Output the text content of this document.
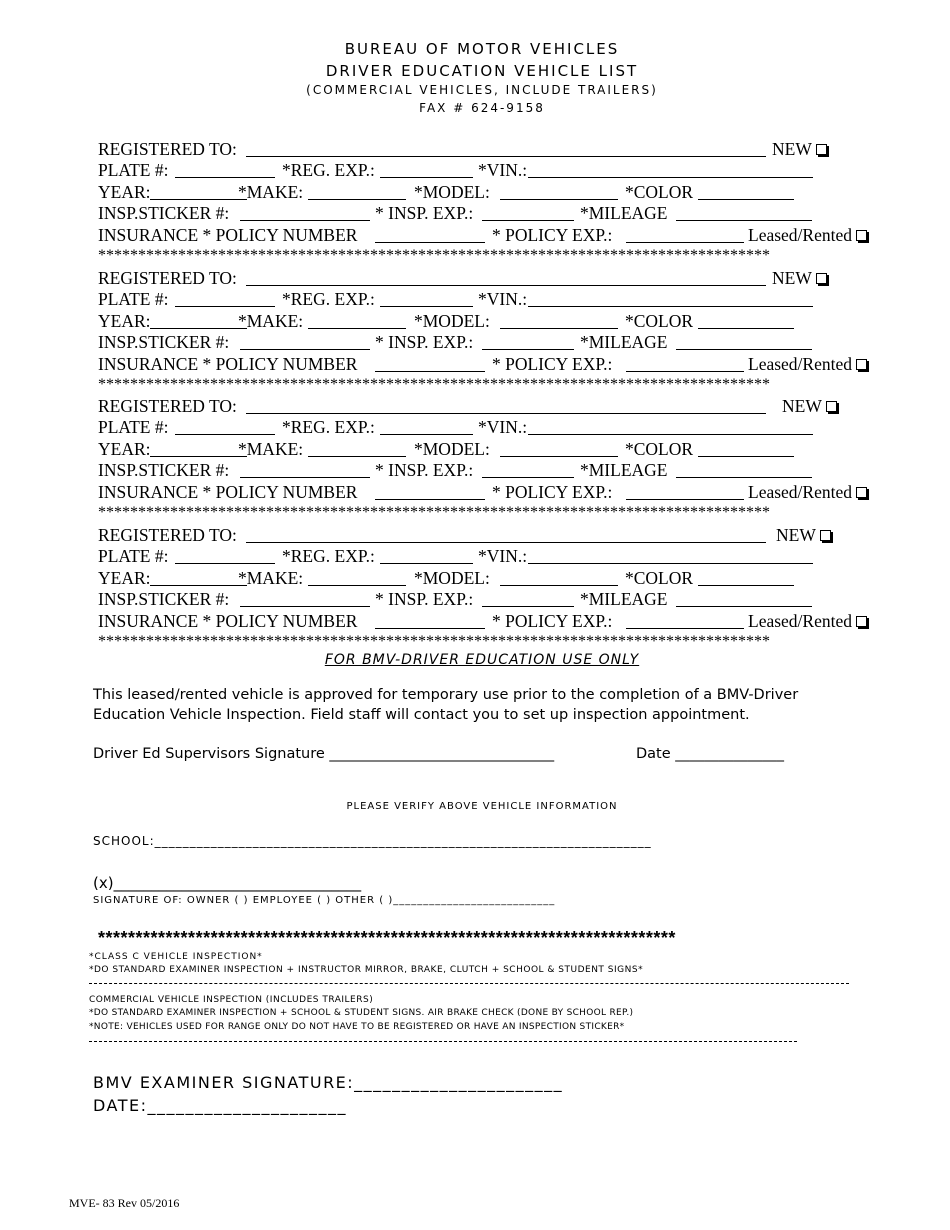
BUREAU OF MOTOR VEHICLES
DRIVER EDUCATION VEHICLE LIST
(COMMERCIAL VEHICLES, INCLUDE TRAILERS)
FAX # 624-9158
REGISTERED TO:	NEW
PLATE #:	*REG. EXP.:	*VIN.:
YEAR:	*MAKE:	*MODEL:	*COLOR
INSP.STICKER #:	* INSP. EXP.:	*MILEAGE
INSURANCE * POLICY NUMBER	* POLICY EXP.:	Leased/Rented
************************************************************************************
REGISTERED TO:	NEW
PLATE #:	*REG. EXP.:	*VIN.:
YEAR:	*MAKE:	*MODEL:	*COLOR
INSP.STICKER #:	* INSP. EXP.:	*MILEAGE
INSURANCE * POLICY NUMBER	* POLICY EXP.:	Leased/Rented
************************************************************************************
REGISTERED TO:	NEW
PLATE #:	*REG. EXP.:	*VIN.:
YEAR:	*MAKE:	*MODEL:	*COLOR
INSP.STICKER #:	* INSP. EXP.:	*MILEAGE
INSURANCE * POLICY NUMBER	* POLICY EXP.:	Leased/Rented
************************************************************************************
REGISTERED TO:	NEW
PLATE #:	*REG. EXP.:	*VIN.:
YEAR:	*MAKE:	*MODEL:	*COLOR
INSP.STICKER #:	* INSP. EXP.:	*MILEAGE
INSURANCE * POLICY NUMBER	* POLICY EXP.:	Leased/Rented
************************************************************************************
FOR BMV-DRIVER EDUCATION USE ONLY
This leased/rented vehicle is approved for temporary use prior to the completion of a BMV-Driver
Education Vehicle Inspection. Field staff will contact you to set up inspection appointment.
Driver Ed Supervisors Signature _______________________________	Date _______________
PLEASE VERIFY ABOVE VEHICLE INFORMATION
SCHOOL:_______________________________________________________________________
(x)_________________________________
SIGNATURE OF: OWNER ( ) EMPLOYEE ( ) OTHER ( )___________________________
*****************************************************************************
*CLASS C VEHICLE INSPECTION*
*DO STANDARD EXAMINER INSPECTION + INSTRUCTOR MIRROR, BRAKE, CLUTCH + SCHOOL & STUDENT SIGNS*
COMMERCIAL VEHICLE INSPECTION (INCLUDES TRAILERS)
*DO STANDARD EXAMINER INSPECTION + SCHOOL & STUDENT SIGNS. AIR BRAKE CHECK (DONE BY SCHOOL REP.)
*NOTE: VEHICLES USED FOR RANGE ONLY DO NOT HAVE TO BE REGISTERED OR HAVE AN INSPECTION STICKER*
BMV EXAMINER SIGNATURE:______________________
DATE:_____________________
MVE- 83 Rev 05/2016
